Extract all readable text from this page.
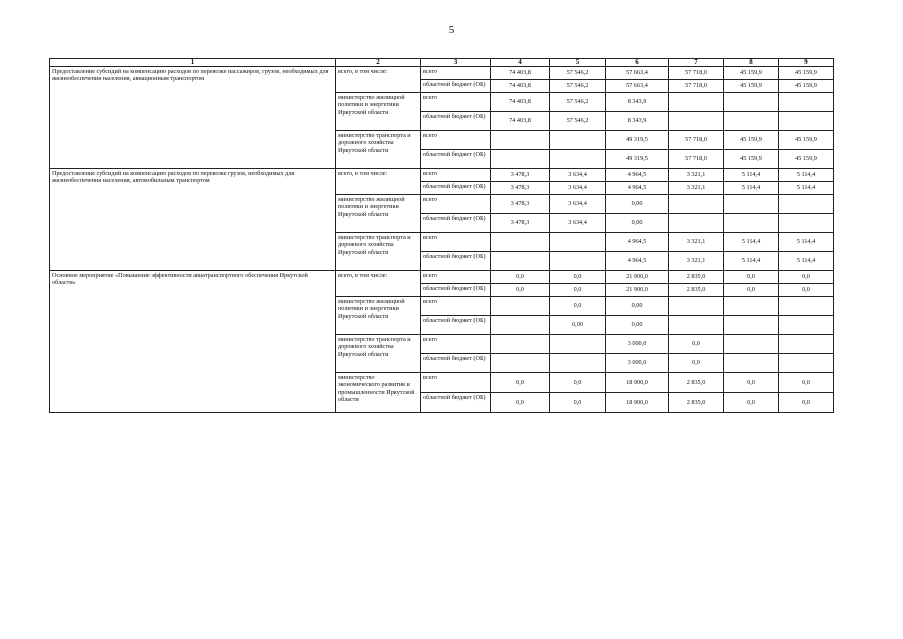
5
1	2	3	4	5	6	7	8	9
Предоставление субсидий на компенсацию расходов по перевозке пассажиров, грузов, необходимых для жизнеобеспечения населения, авиационным транспортом	всего, в том числе:	всего	74 403,8	57 546,2	57 663,4	57 718,0	45 159,9	45 159,9
		областной бюджет (ОБ)	74 403,8	57 546,2	57 663,4	57 718,0	45 159,9	45 159,9
	министерство жилищной политики и энергетики Иркутской области	всего	74 403,8	57 546,2	8 343,9			
		областной бюджет (ОБ)	74 403,8	57 546,2	8 343,9			
	министерство транспорта и дорожного хозяйства Иркутской области	всего			49 319,5	57 718,0	45 159,9	45 159,9
		областной бюджет (ОБ)			49 319,5	57 718,0	45 159,9	45 159,9
Предоставление субсидий на компенсацию расходов по перевозке грузов, необходимых для жизнеобеспечения населения, автомобильным транспортом	всего, в том числе:	всего	3 478,3	3 634,4	4 964,5	3 321,1	5 114,4	5 114,4
		областной бюджет (ОБ)	3 478,3	3 634,4	4 964,5	3 321,1	5 114,4	5 114,4
	министерство жилищной политики и энергетики Иркутской области	всего	3 478,3	3 634,4	0,00			
		областной бюджет (ОБ)	3 478,3	3 634,4	0,00			
	министерство транспорта и дорожного хозяйства Иркутской области	всего			4 964,5	3 321,1	5 114,4	5 114,4
		областной бюджет (ОБ)			4 964,5	3 321,1	5 114,4	5 114,4
Основное мероприятие «Повышение эффективности авиатранспортного обеспечения Иркутской области»	всего, в том числе:	всего	0,0	0,0	21 900,0	2 835,0	0,0	0,0
		областной бюджет (ОБ)	0,0	0,0	21 900,0	2 835,0	0,0	0,0
	министерство жилищной политики и энергетики Иркутской области	всего		0,0	0,00			
		областной бюджет (ОБ)		0,00	0,00			
	министерство транспорта и дорожного хозяйства Иркутской области	всего			3 000,0	0,0		
		областной бюджет (ОБ)			3 000,0	0,0		
	министерство экономического развития и промышленности Иркутской области	всего	0,0	0,0	18 900,0	2 835,0	0,0	0,0
		областной бюджет (ОБ)	0,0	0,0	18 900,0	2 835,0	0,0	0,0
